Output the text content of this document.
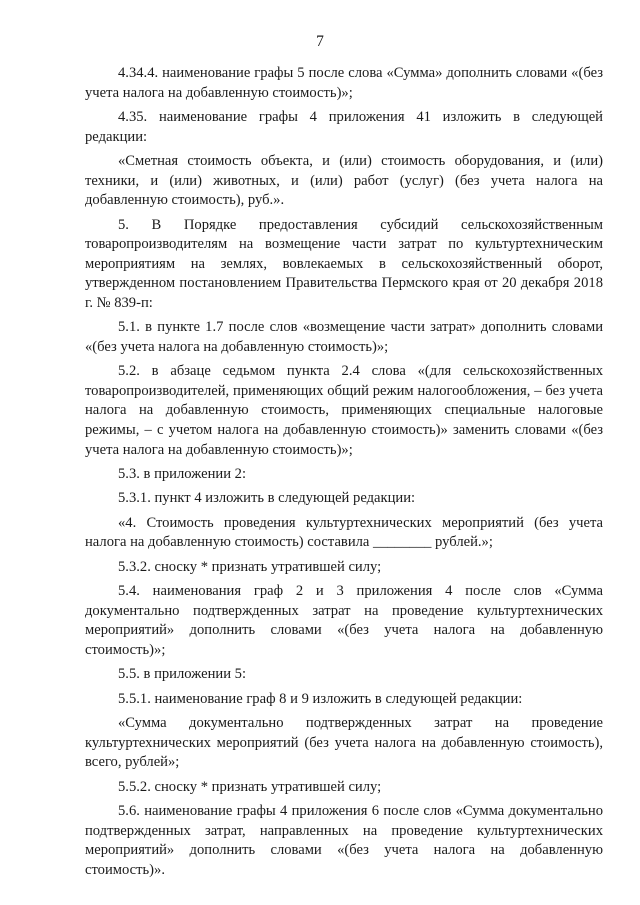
7

4.34.4. наименование графы 5 после слова «Сумма» дополнить словами «(без учета налога на добавленную стоимость)»;

4.35. наименование графы 4 приложения 41 изложить в следующей редакции:

«Сметная стоимость объекта, и (или) стоимость оборудования, и (или) техники, и (или) животных, и (или) работ (услуг) (без учета налога на добавленную стоимость), руб.».

5. В Порядке предоставления субсидий сельскохозяйственным товаропроизводителям на возмещение части затрат по культуртехническим мероприятиям на землях, вовлекаемых в сельскохозяйственный оборот, утвержденном постановлением Правительства Пермского края от 20 декабря 2018 г. № 839-п:

5.1. в пункте 1.7 после слов «возмещение части затрат» дополнить словами «(без учета налога на добавленную стоимость)»;

5.2. в абзаце седьмом пункта 2.4 слова «(для сельскохозяйственных товаропроизводителей, применяющих общий режим налогообложения, – без учета налога на добавленную стоимость, применяющих специальные налоговые режимы, – с учетом налога на добавленную стоимость)» заменить словами «(без учета налога на добавленную стоимость)»;

5.3. в приложении 2:

5.3.1. пункт 4 изложить в следующей редакции:

«4. Стоимость проведения культуртехнических мероприятий (без учета налога на добавленную стоимость) составила ________ рублей.»;

5.3.2. сноску * признать утратившей силу;

5.4. наименования граф 2 и 3 приложения 4 после слов «Сумма документально подтвержденных затрат на проведение культуртехнических мероприятий» дополнить словами «(без учета налога на добавленную стоимость)»;

5.5. в приложении 5:

5.5.1. наименование граф 8 и 9 изложить в следующей редакции:

«Сумма документально подтвержденных затрат на проведение культуртехнических мероприятий (без учета налога на добавленную стоимость), всего, рублей»;

5.5.2. сноску * признать утратившей силу;

5.6. наименование графы 4 приложения 6 после слов «Сумма документально подтвержденных затрат, направленных на проведение культуртехнических мероприятий» дополнить словами «(без учета налога на добавленную стоимость)».
